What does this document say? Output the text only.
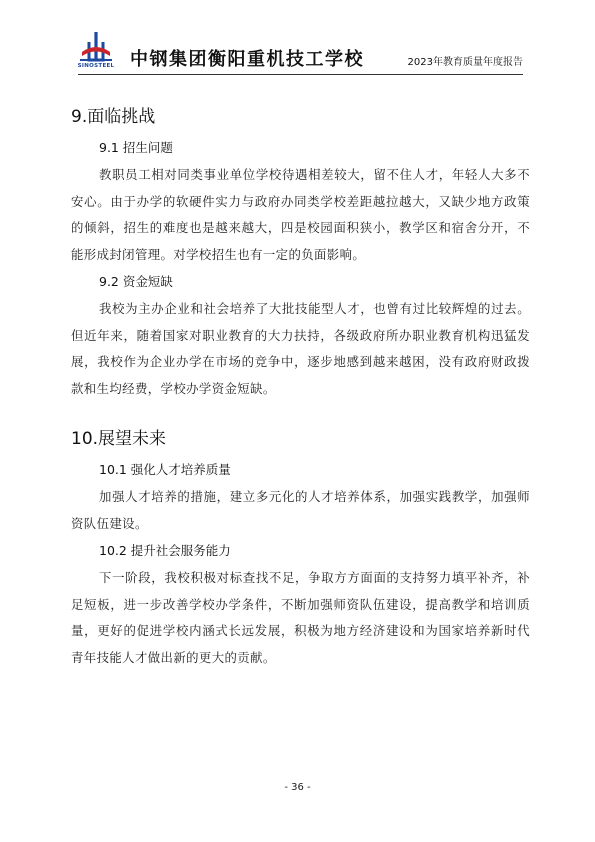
SINOSTEEL 中钢集团衡阳重机技工学校	2023年教育质量年度报告
9.面临挑战
9.1 招生问题

教职员工相对同类事业单位学校待遇相差较大，留不住人才，年轻人大多不安心。由于办学的软硬件实力与政府办同类学校差距越拉越大，又缺少地方政策的倾斜，招生的难度也是越来越大，四是校园面积狭小，教学区和宿舍分开，不能形成封闭管理。对学校招生也有一定的负面影响。

9.2 资金短缺

我校为主办企业和社会培养了大批技能型人才，也曾有过比较辉煌的过去。但近年来，随着国家对职业教育的大力扶持，各级政府所办职业教育机构迅猛发展，我校作为企业办学在市场的竞争中，逐步地感到越来越困，没有政府财政拨款和生均经费，学校办学资金短缺。

10.展望未来
10.1 强化人才培养质量

加强人才培养的措施，建立多元化的人才培养体系，加强实践教学，加强师资队伍建设。

10.2 提升社会服务能力

下一阶段，我校积极对标查找不足，争取方方面面的支持努力填平补齐，补足短板，进一步改善学校办学条件，不断加强师资队伍建设，提高教学和培训质量，更好的促进学校内涵式长远发展，积极为地方经济建设和为国家培养新时代青年技能人才做出新的更大的贡献。

- 36 -
